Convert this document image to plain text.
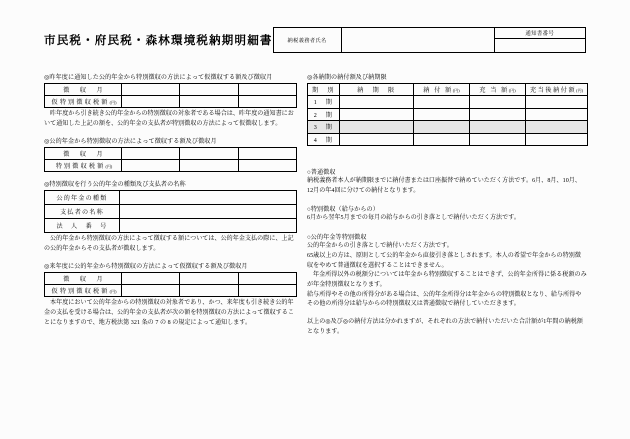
市民税・府民税・森林環境税納期明細書	納税義務者氏名
通知書番号
◎昨年度に通知した公的年金から特別徴収の方法によって仮徴収する額及び徴収月
徴　収　月			
仮特別徴収税額(円)			

昨年度から引き続き公的年金からの特別徴収の対象者である場合は、昨年度の通知書において通知した上記の額を、公的年金の支払者が特別徴収の方法によって仮徴収します。

◎公的年金から特別徴収の方法によって徴収する額及び徴収月
徴　収　月			
特別徴収税額(円)			
◎特別徴収を行う公的年金の種類及び支払者の名称
公的年金の種類	
支払者の名称	
法　人　番　号	

公的年金から特別徴収の方法によって徴収する額については、公的年金支払の際に、上記の公的年金からその支払者が徴収します。

◎来年度に公的年金から特別徴収の方法によって仮徴収する額及び徴収月
徴　収　月			
仮特別徴収税額(円)			

本年度において公的年金からの特別徴収の対象者であり、かつ、来年度も引き続き公的年金の支払を受ける場合は、公的年金の支払者が次の額を特別徴収の方法によって徴収することになりますので、地方税法第 321 条の 7 の 8 の規定によって通知します。

◎各納期の納付額及び納期限
期　別	納　期　限	納 付 額(円)	充 当 額(円)	充当後納付額(円)
1　期				
2　期				
3　期				
4　期				
○普通徴収

納税義務者本人が納期限までに納付書または口座振替で納めていただく方法です。6月、8月、10月、12月の年4回に分けての納付となります。

○特別徴収（給与からの）

6月から翌年5月までの毎月の給与からの引き落としで納付いただく方法です。

○公的年金等特別徴収

公的年金からの引き落としで納付いただく方法です。

65歳以上の方は、原則として公的年金から直接引き落としされます。本人の希望で年金からの特別徴収をやめて普通徴収を選択することはできません。

年金所得以外の税額分については年金から特別徴収することはできず、公的年金所得に係る税額のみが年金特別徴収となります。

給与所得やその他の所得分がある場合は、公的年金所得分は年金からの特別徴収となり、給与所得やその他の所得分は給与からの特別徴収又は普通徴収で納付していただきます。

以上の◎及び◎の納付方法は分かれますが、それぞれの方法で納付いただいた合計額が1年間の納税額となります。
